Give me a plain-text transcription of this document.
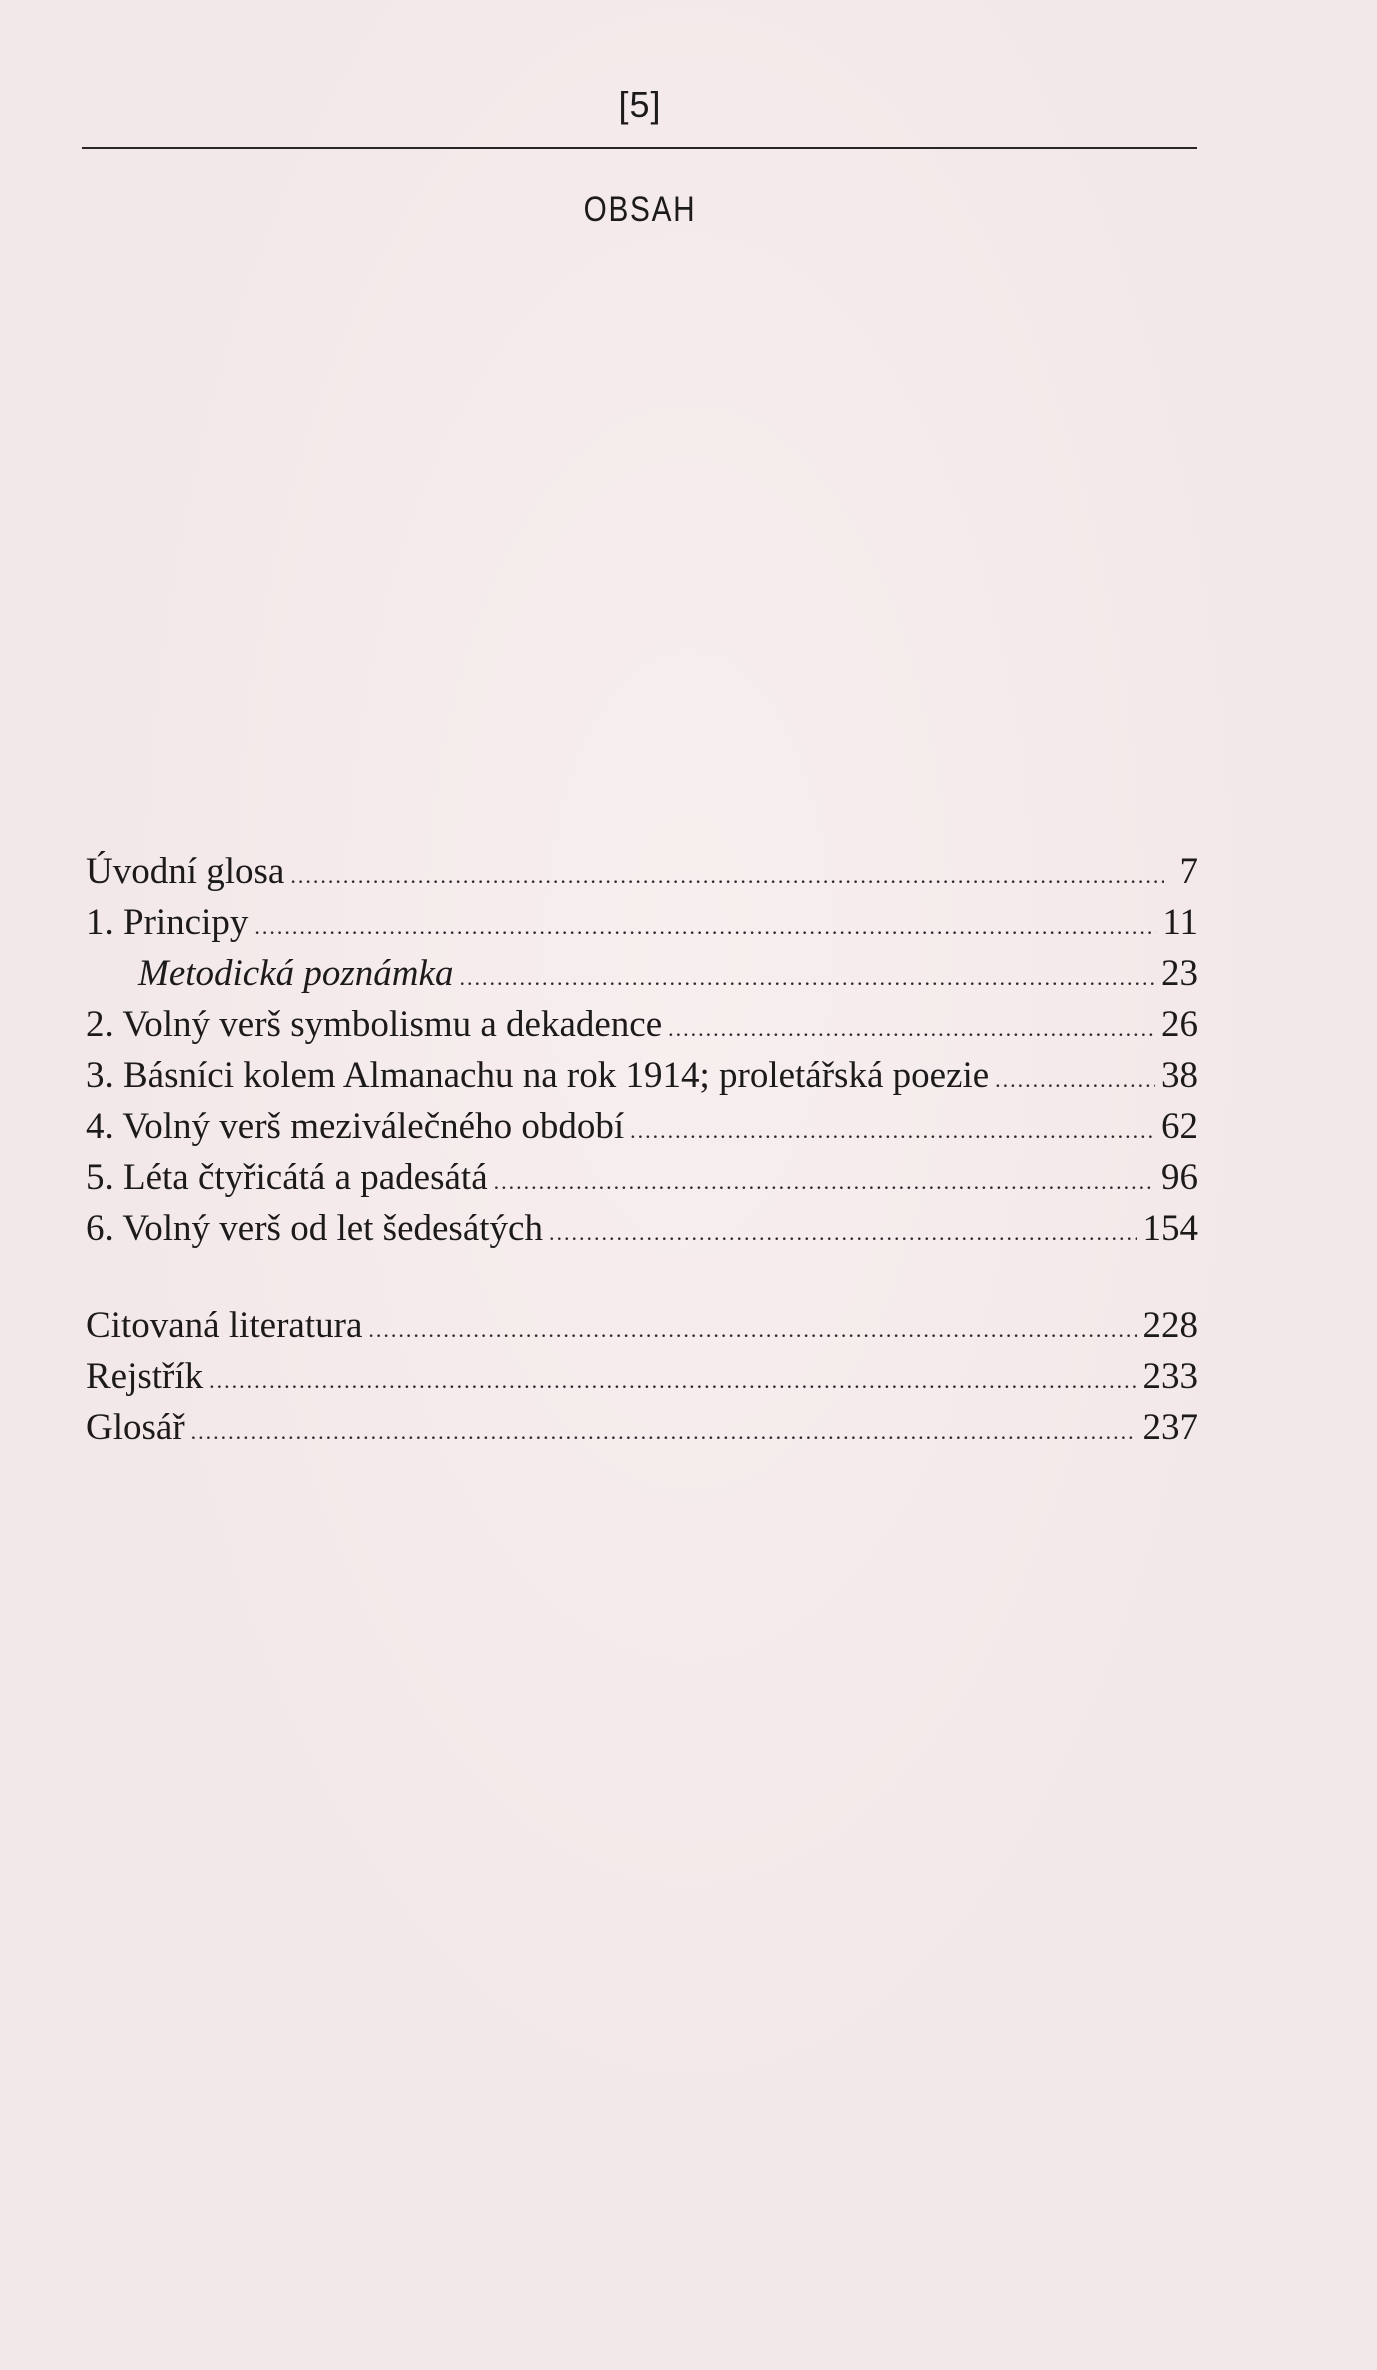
[5]
OBSAH
Úvodní glosa .....	7
1. Principy .....	11
Metodická poznámka .....	23
2. Volný verš symbolismu a dekadence .....	26
3. Básníci kolem Almanachu na rok 1914; proletářská poezie .....	38
4. Volný verš meziválečného období .....	62
5. Léta čtyřicátá a padesátá .....	96
6. Volný verš od let šedesátých .....	154
Citovaná literatura .....	228
Rejstřík .....	233
Glosář .....	237
